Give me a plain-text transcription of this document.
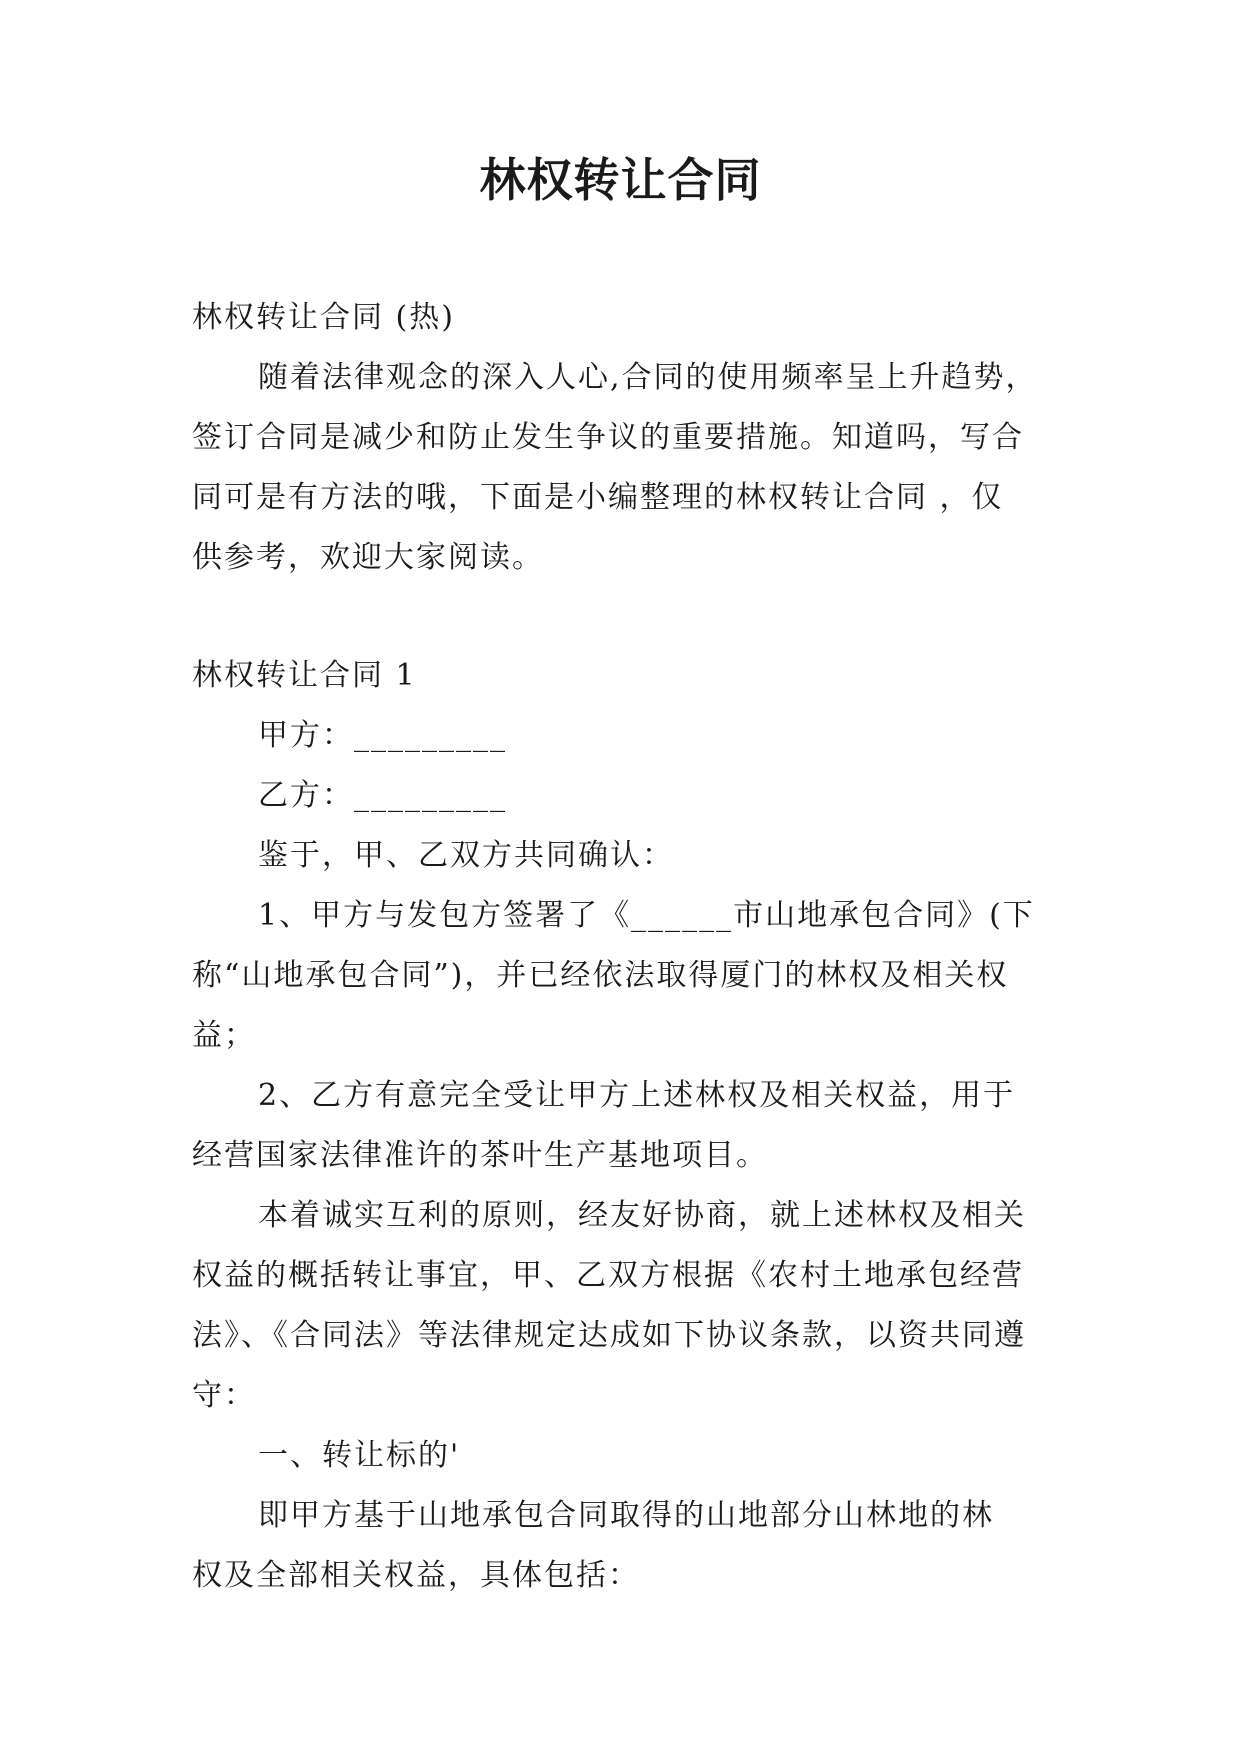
林权转让合同
林权转让合同 (热)
随着法律观念的深入人心,合同的使用频率呈上升趋势，
签订合同是减少和防止发生争议的重要措施。知道吗，写合
同可是有方法的哦，下面是小编整理的林权转让合同 ，仅
供参考，欢迎大家阅读。
林权转让合同 1
甲方：_________
乙方：_________
鉴于，甲、乙双方共同确认：
1、甲方与发包方签署了《______市山地承包合同》(下
称“山地承包合同”)，并已经依法取得厦门的林权及相关权
益；
2、乙方有意完全受让甲方上述林权及相关权益，用于
经营国家法律准许的茶叶生产基地项目。
本着诚实互利的原则，经友好协商，就上述林权及相关
权益的概括转让事宜，甲、乙双方根据《农村土地承包经营
法》、《合同法》等法律规定达成如下协议条款，以资共同遵
守：
一、转让标的'
即甲方基于山地承包合同取得的山地部分山林地的林
权及全部相关权益，具体包括：
